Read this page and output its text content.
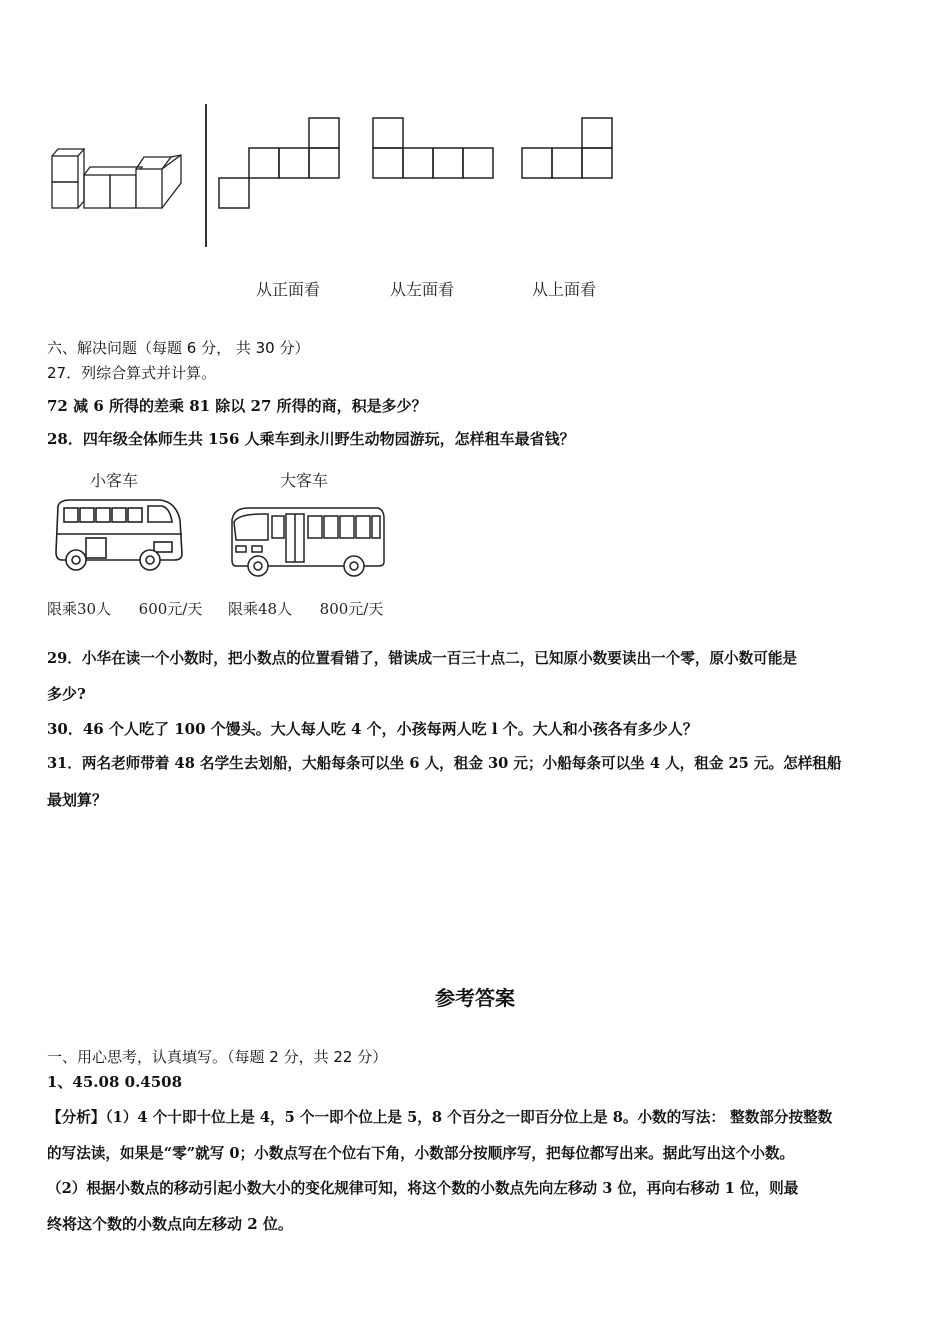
从正面看	从左面看	从上面看
六、解决问题（每题 6 分， 共 30 分）
27．列综合算式并计算。
72 减 6 所得的差乘 81 除以 27 所得的商，积是多少？
28．四年级全体师生共 156 人乘车到永川野生动物园游玩，怎样租车最省钱？
小客车	大客车
限乘30人 600元/天 限乘48人 800元/天
29．小华在读一个小数时，把小数点的位置看错了，错读成一百三十点二，已知原小数要读出一个零，原小数可能是
多少?
30．46 个人吃了 100 个馒头。大人每人吃 4 个，小孩每两人吃 l 个。大人和小孩各有多少人？
31．两名老师带着 48 名学生去划船，大船每条可以坐 6 人，租金 30 元；小船每条可以坐 4 人，租金 25 元。怎样租船
最划算？
参考答案
一、用心思考，认真填写。（每题 2 分，共 22 分）
1、45.08 0.4508
【分析】（1）4 个十即十位上是 4，5 个一即个位上是 5，8 个百分之一即百分位上是 8。小数的写法： 整数部分按整数
的写法读，如果是“零”就写 0；小数点写在个位右下角，小数部分按顺序写，把每位都写出来。据此写出这个小数。
（2）根据小数点的移动引起小数大小的变化规律可知，将这个数的小数点先向左移动 3 位，再向右移动 1 位，则最
终将这个数的小数点向左移动 2 位。
